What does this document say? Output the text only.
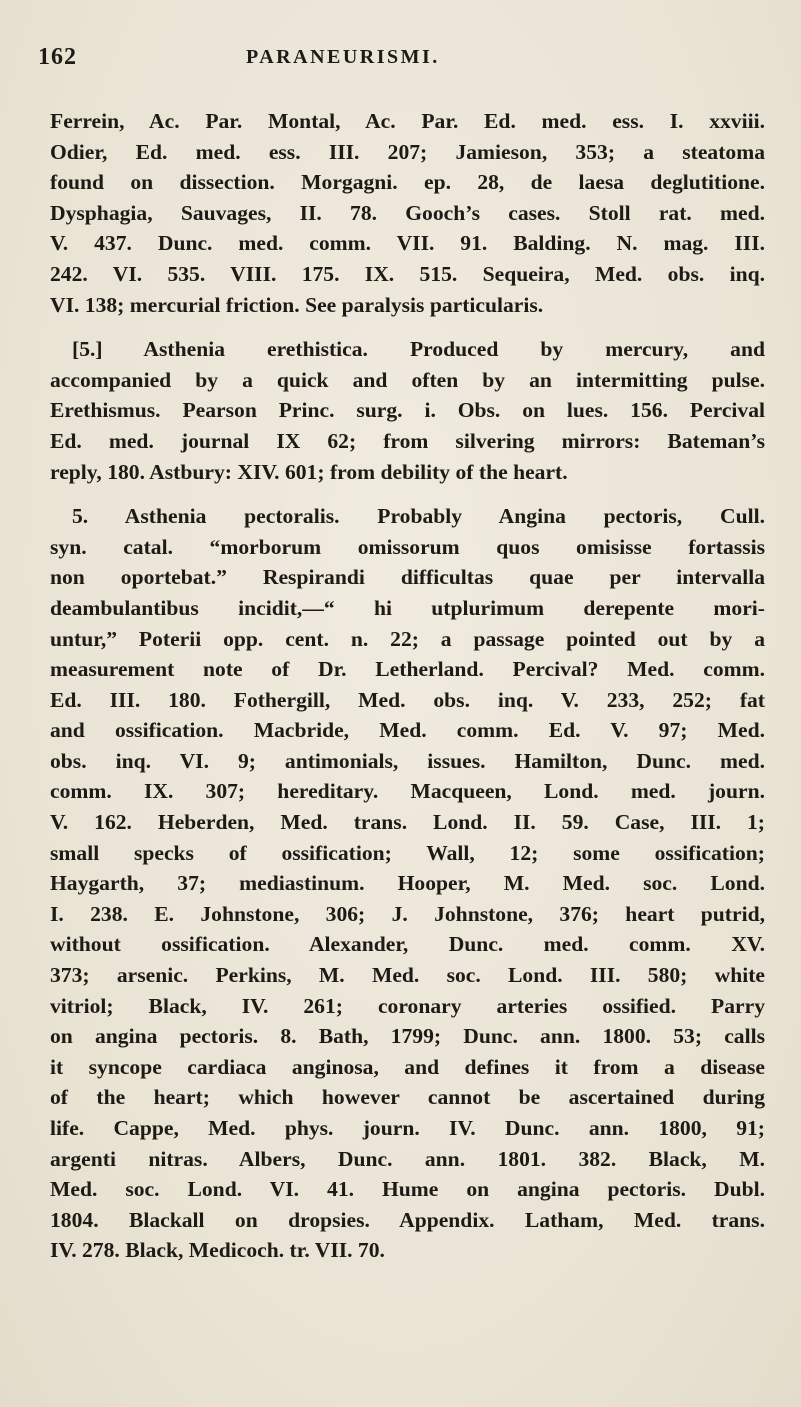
162	PARANEURISMI.
Ferrein, Ac. Par. Montal, Ac. Par. Ed. med. ess. I. xxviii.
Odier, Ed. med. ess. III. 207; Jamieson, 353; a steatoma
found on dissection. Morgagni. ep. 28, de laesa deglutitione.
Dysphagia, Sauvages, II. 78. Gooch’s cases. Stoll rat. med.
V. 437. Dunc. med. comm. VII. 91. Balding. N. mag. III.
242. VI. 535. VIII. 175. IX. 515. Sequeira, Med. obs. inq.
VI. 138; mercurial friction. See paralysis particularis.
[5.] Asthenia erethistica. Produced by mercury, and
accompanied by a quick and often by an intermitting pulse.
Erethismus. Pearson Princ. surg. i. Obs. on lues. 156. Percival
Ed. med. journal IX 62; from silvering mirrors: Bateman’s
reply, 180. Astbury: XIV. 601; from debility of the heart.
5. Asthenia pectoralis. Probably Angina pectoris, Cull.
syn. catal. “morborum omissorum quos omisisse fortassis
non oportebat.” Respirandi difficultas quae per intervalla
deambulantibus incidit,—“ hi utplurimum derepente mori-
untur,” Poterii opp. cent. n. 22; a passage pointed out by a
measurement note of Dr. Letherland. Percival? Med. comm.
Ed. III. 180. Fothergill, Med. obs. inq. V. 233, 252; fat
and ossification. Macbride, Med. comm. Ed. V. 97; Med.
obs. inq. VI. 9; antimonials, issues. Hamilton, Dunc. med.
comm. IX. 307; hereditary. Macqueen, Lond. med. journ.
V. 162. Heberden, Med. trans. Lond. II. 59. Case, III. 1;
small specks of ossification; Wall, 12; some ossification;
Haygarth, 37; mediastinum. Hooper, M. Med. soc. Lond.
I. 238. E. Johnstone, 306; J. Johnstone, 376; heart putrid,
without ossification. Alexander, Dunc. med. comm. XV.
373; arsenic. Perkins, M. Med. soc. Lond. III. 580; white
vitriol; Black, IV. 261; coronary arteries ossified. Parry
on angina pectoris. 8. Bath, 1799; Dunc. ann. 1800. 53; calls
it syncope cardiaca anginosa, and defines it from a disease
of the heart; which however cannot be ascertained during
life. Cappe, Med. phys. journ. IV. Dunc. ann. 1800, 91;
argenti nitras. Albers, Dunc. ann. 1801. 382. Black, M.
Med. soc. Lond. VI. 41. Hume on angina pectoris. Dubl.
1804. Blackall on dropsies. Appendix. Latham, Med. trans.
IV. 278. Black, Medicoch. tr. VII. 70.
